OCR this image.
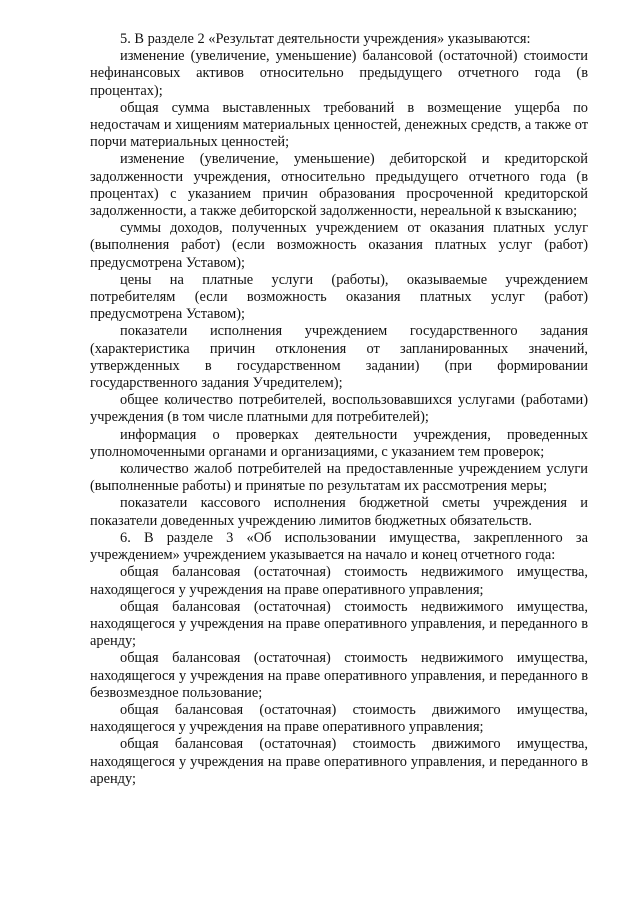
5. В разделе 2 «Результат деятельности учреждения» указываются:

изменение (увеличение, уменьшение) балансовой (остаточной) стоимости нефинансовых активов относительно предыдущего отчетного года (в процентах);

общая сумма выставленных требований в возмещение ущерба по недостачам и хищениям материальных ценностей, денежных средств, а также от порчи материальных ценностей;

изменение (увеличение, уменьшение) дебиторской и кредиторской задолженности учреждения, относительно предыдущего отчетного года (в процентах) с указанием причин образования просроченной кредиторской задолженности, а также дебиторской задолженности, нереальной к взысканию;

суммы доходов, полученных учреждением от оказания платных услуг (выполнения работ) (если возможность оказания платных услуг (работ) предусмотрена Уставом);

цены на платные услуги (работы), оказываемые учреждением потребителям (если возможность оказания платных услуг (работ) предусмотрена Уставом);

показатели исполнения учреждением государственного задания (характеристика причин отклонения от запланированных значений, утвержденных в государственном задании) (при формировании государственного задания Учредителем);

общее количество потребителей, воспользовавшихся услугами (работами) учреждения (в том числе платными для потребителей);

информация о проверках деятельности учреждения, проведенных уполномоченными органами и организациями, с указанием тем проверок;

количество жалоб потребителей на предоставленные учреждением услуги (выполненные работы) и принятые по результатам их рассмотрения меры;

показатели кассового исполнения бюджетной сметы учреждения и показатели доведенных учреждению лимитов бюджетных обязательств.

6. В разделе 3 «Об использовании имущества, закрепленного за учреждением» учреждением указывается на начало и конец отчетного года:

общая балансовая (остаточная) стоимость недвижимого имущества, находящегося у учреждения на праве оперативного управления;

общая балансовая (остаточная) стоимость недвижимого имущества, находящегося у учреждения на праве оперативного управления, и переданного в аренду;

общая балансовая (остаточная) стоимость недвижимого имущества, находящегося у учреждения на праве оперативного управления, и переданного в безвозмездное пользование;

общая балансовая (остаточная) стоимость движимого имущества, находящегося у учреждения на праве оперативного управления;

общая балансовая (остаточная) стоимость движимого имущества, находящегося у учреждения на праве оперативного управления, и переданного в аренду;
